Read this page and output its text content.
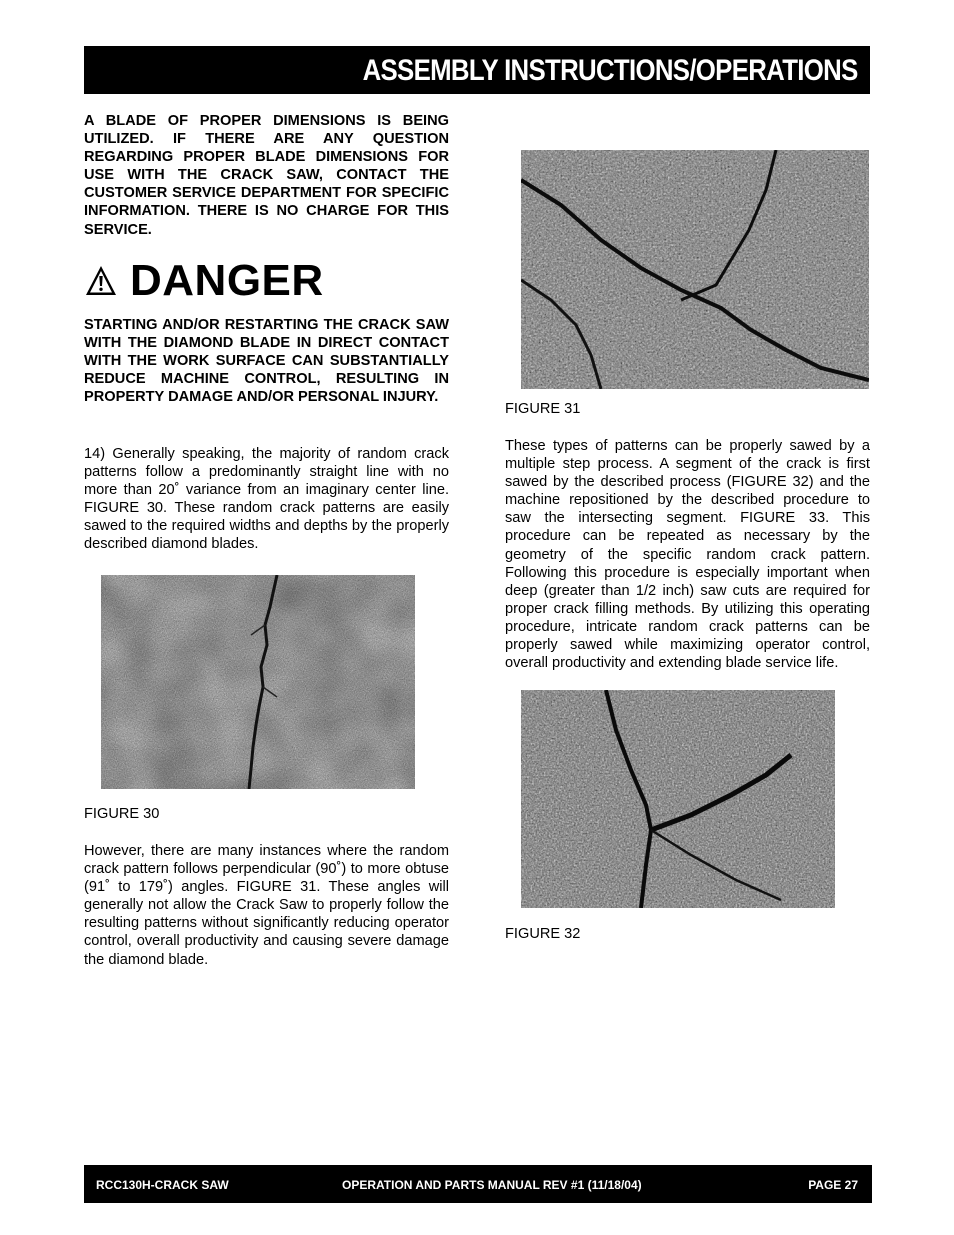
ASSEMBLY INSTRUCTIONS/OPERATIONS

A BLADE OF PROPER DIMENSIONS IS BEING UTILIZED. IF THERE ARE ANY QUESTION REGARDING PROPER BLADE DIMENSIONS FOR USE WITH THE CRACK SAW, CONTACT THE CUSTOMER SERVICE DEPARTMENT FOR SPECIFIC INFORMATION. THERE IS NO CHARGE FOR THIS SERVICE.

DANGER

STARTING AND/OR RESTARTING THE CRACK SAW WITH THE DIAMOND BLADE IN DIRECT CONTACT WITH THE WORK SURFACE CAN SUBSTANTIALLY REDUCE MACHINE CONTROL, RESULTING IN PROPERTY DAMAGE AND/OR PERSONAL INJURY.

14) Generally speaking, the majority of random crack patterns follow a predominantly straight line with no more than 20˚ variance from an imaginary center line. FIGURE 30. These random crack patterns are easily sawed to the required widths and depths by the properly described diamond blades.

FIGURE 30

However, there are many instances where the random crack pattern follows perpendicular (90˚) to more obtuse (91˚ to 179˚) angles. FIGURE 31. These angles will generally not allow the Crack Saw to properly follow the resulting patterns without significantly reducing operator control, overall productivity and causing severe damage the diamond blade.

FIGURE 31

These types of patterns can be properly sawed by a multiple step process. A segment of the crack is first sawed by the described process (FIGURE 32) and the machine repositioned by the described procedure to saw the intersecting segment. FIGURE 33. This procedure can be repeated as necessary by the geometry of the specific random crack pattern. Following this procedure is especially important when deep (greater than 1/2 inch) saw cuts are required for proper crack filling methods. By utilizing this operating procedure, intricate random crack patterns can be properly sawed while maximizing operator control, overall productivity and extending blade service life.

FIGURE 32
RCC130H-CRACK SAW	OPERATION AND PARTS MANUAL REV #1 (11/18/04)	PAGE 27
